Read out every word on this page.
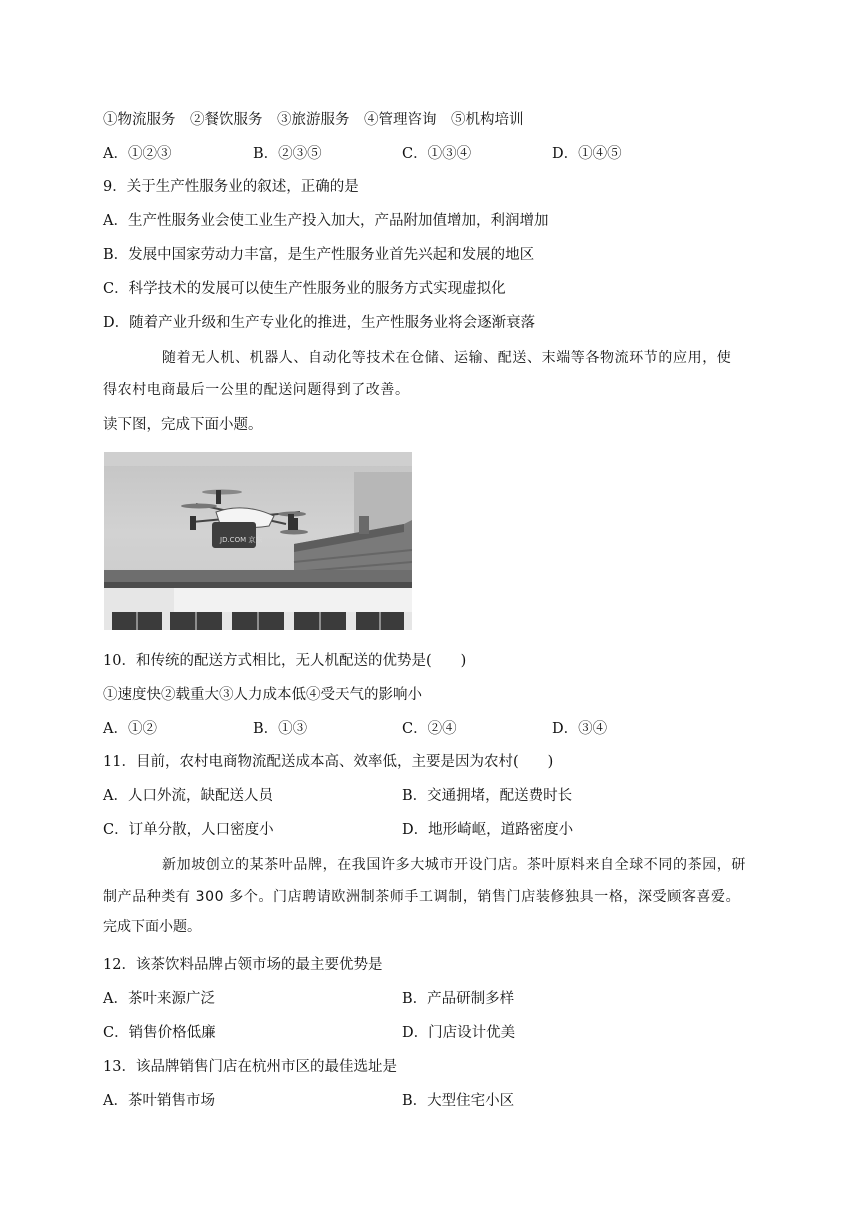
①物流服务　②餐饮服务　③旅游服务　④管理咨询　⑤机构培训
A．①②③	B．②③⑤	C．①③④	D．①④⑤
9．关于生产性服务业的叙述，正确的是
A．生产性服务业会使工业生产投入加大，产品附加值增加，利润增加
B．发展中国家劳动力丰富，是生产性服务业首先兴起和发展的地区
C．科学技术的发展可以使生产性服务业的服务方式实现虚拟化
D．随着产业升级和生产专业化的推进，生产性服务业将会逐渐衰落
随着无人机、机器人、自动化等技术在仓储、运输、配送、末端等各物流环节的应用，使
得农村电商最后一公里的配送问题得到了改善。
读下图，完成下面小题。
JD.COM 京东
10．和传统的配送方式相比，无人机配送的优势是(　　)
①速度快②载重大③人力成本低④受天气的影响小
A．①②	B．①③	C．②④	D．③④
11．目前，农村电商物流配送成本高、效率低，主要是因为农村(　　)
A．人口外流，缺配送人员	B．交通拥堵，配送费时长
C．订单分散，人口密度小	D．地形崎岖，道路密度小
新加坡创立的某茶叶品牌，在我国许多大城市开设门店。茶叶原料来自全球不同的茶园，研
制产品种类有 300 多个。门店聘请欧洲制茶师手工调制，销售门店装修独具一格，深受顾客喜爱。
完成下面小题。
12．该茶饮料品牌占领市场的最主要优势是
A．茶叶来源广泛	B．产品研制多样
C．销售价格低廉	D．门店设计优美
13．该品牌销售门店在杭州市区的最佳选址是
A．茶叶销售市场	B．大型住宅小区
